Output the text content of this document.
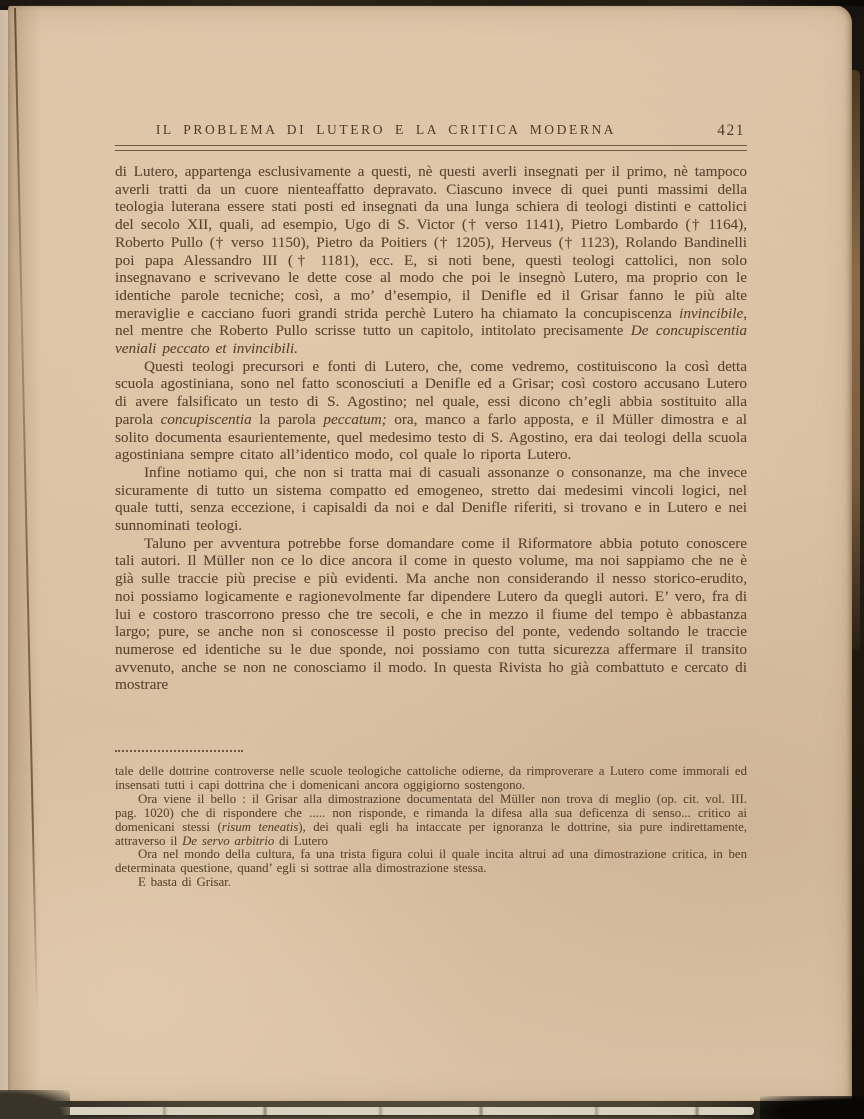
IL PROBLEMA DI LUTERO E LA CRITICA MODERNA	421

di Lutero, appartenga esclusivamente a questi, nè questi averli insegnati per il primo, nè tampoco averli tratti da un cuore nienteaffatto depravato. Ciascuno invece di quei punti massimi della teologia luterana essere stati posti ed insegnati da una lunga schiera di teologi distinti e cattolici del secolo XII, quali, ad esempio, Ugo di S. Victor († verso 1141), Pietro Lombardo († 1164), Roberto Pullo († verso 1150), Pietro da Poitiers († 1205), Herveus († 1123), Rolando Bandinelli poi papa Alessandro III († 1181), ecc. E, si noti bene, questi teologi cattolici, non solo insegnavano e scrivevano le dette cose al modo che poi le insegnò Lutero, ma proprio con le identiche parole tecniche; così, a mo’ d’esempio, il Denifle ed il Grisar fanno le più alte meraviglie e cacciano fuori grandi strida perchè Lutero ha chiamato la concupiscenza invincibile, nel mentre che Roberto Pullo scrisse tutto un capitolo, intitolato precisamente De concupiscentia veniali peccato et invincibili.

Questi teologi precursori e fonti di Lutero, che, come vedremo, costituiscono la così detta scuola agostiniana, sono nel fatto sconosciuti a Denifle ed a Grisar; così costoro accusano Lutero di avere falsificato un testo di S. Agostino; nel quale, essi dicono ch’egli abbia sostituito alla parola concupiscentia la parola peccatum; ora, manco a farlo apposta, e il Müller dimostra e al solito documenta esaurientemente, quel medesimo testo di S. Agostino, era dai teologi della scuola agostiniana sempre citato all’identico modo, col quale lo riporta Lutero.

Infine notiamo qui, che non si tratta mai di casuali assonanze o consonanze, ma che invece sicuramente di tutto un sistema compatto ed emogeneo, stretto dai medesimi vincoli logici, nel quale tutti, senza eccezione, i capisaldi da noi e dal Denifle riferiti, si trovano e in Lutero e nei sunnominati teologi.

Taluno per avventura potrebbe forse domandare come il Riformatore abbia potuto conoscere tali autori. Il Müller non ce lo dice ancora il come in questo volume, ma noi sappiamo che ne è già sulle traccie più precise e più evidenti. Ma anche non considerando il nesso storico-erudito, noi possiamo logicamente e ragionevolmente far dipendere Lutero da quegli autori. E’ vero, fra di lui e costoro trascorrono presso che tre secoli, e che in mezzo il fiume del tempo è abbastanza largo; pure, se anche non si conoscesse il posto preciso del ponte, vedendo soltando le traccie numerose ed identiche su le due sponde, noi possiamo con tutta sicurezza affermare il transito avvenuto, anche se non ne conosciamo il modo. In questa Rivista ho già combattuto e cercato di mostrare

tale delle dottrine controverse nelle scuole teologiche cattoliche odierne, da rimproverare a Lutero come immorali ed insensati tutti i capi dottrina che i domenicani ancora oggigiorno sostengono.

Ora viene il bello : il Grisar alla dimostrazione documentata del Müller non trova di meglio (op. cit. vol. III. pag. 1020) che di rispondere che ..... non risponde, e rimanda la difesa alla sua deficenza di senso... critico ai domenicani stessi (risum teneatis), dei quali egli ha intaccate per ignoranza le dottrine, sia pure indirettamente, attraverso il De servo arbitrio di Lutero

Ora nel mondo della cultura, fa una trista figura colui il quale incita altrui ad una dimostrazione critica, in ben determinata questione, quand’ egli si sottrae alla dimostrazione stessa.

E basta di Grisar.
